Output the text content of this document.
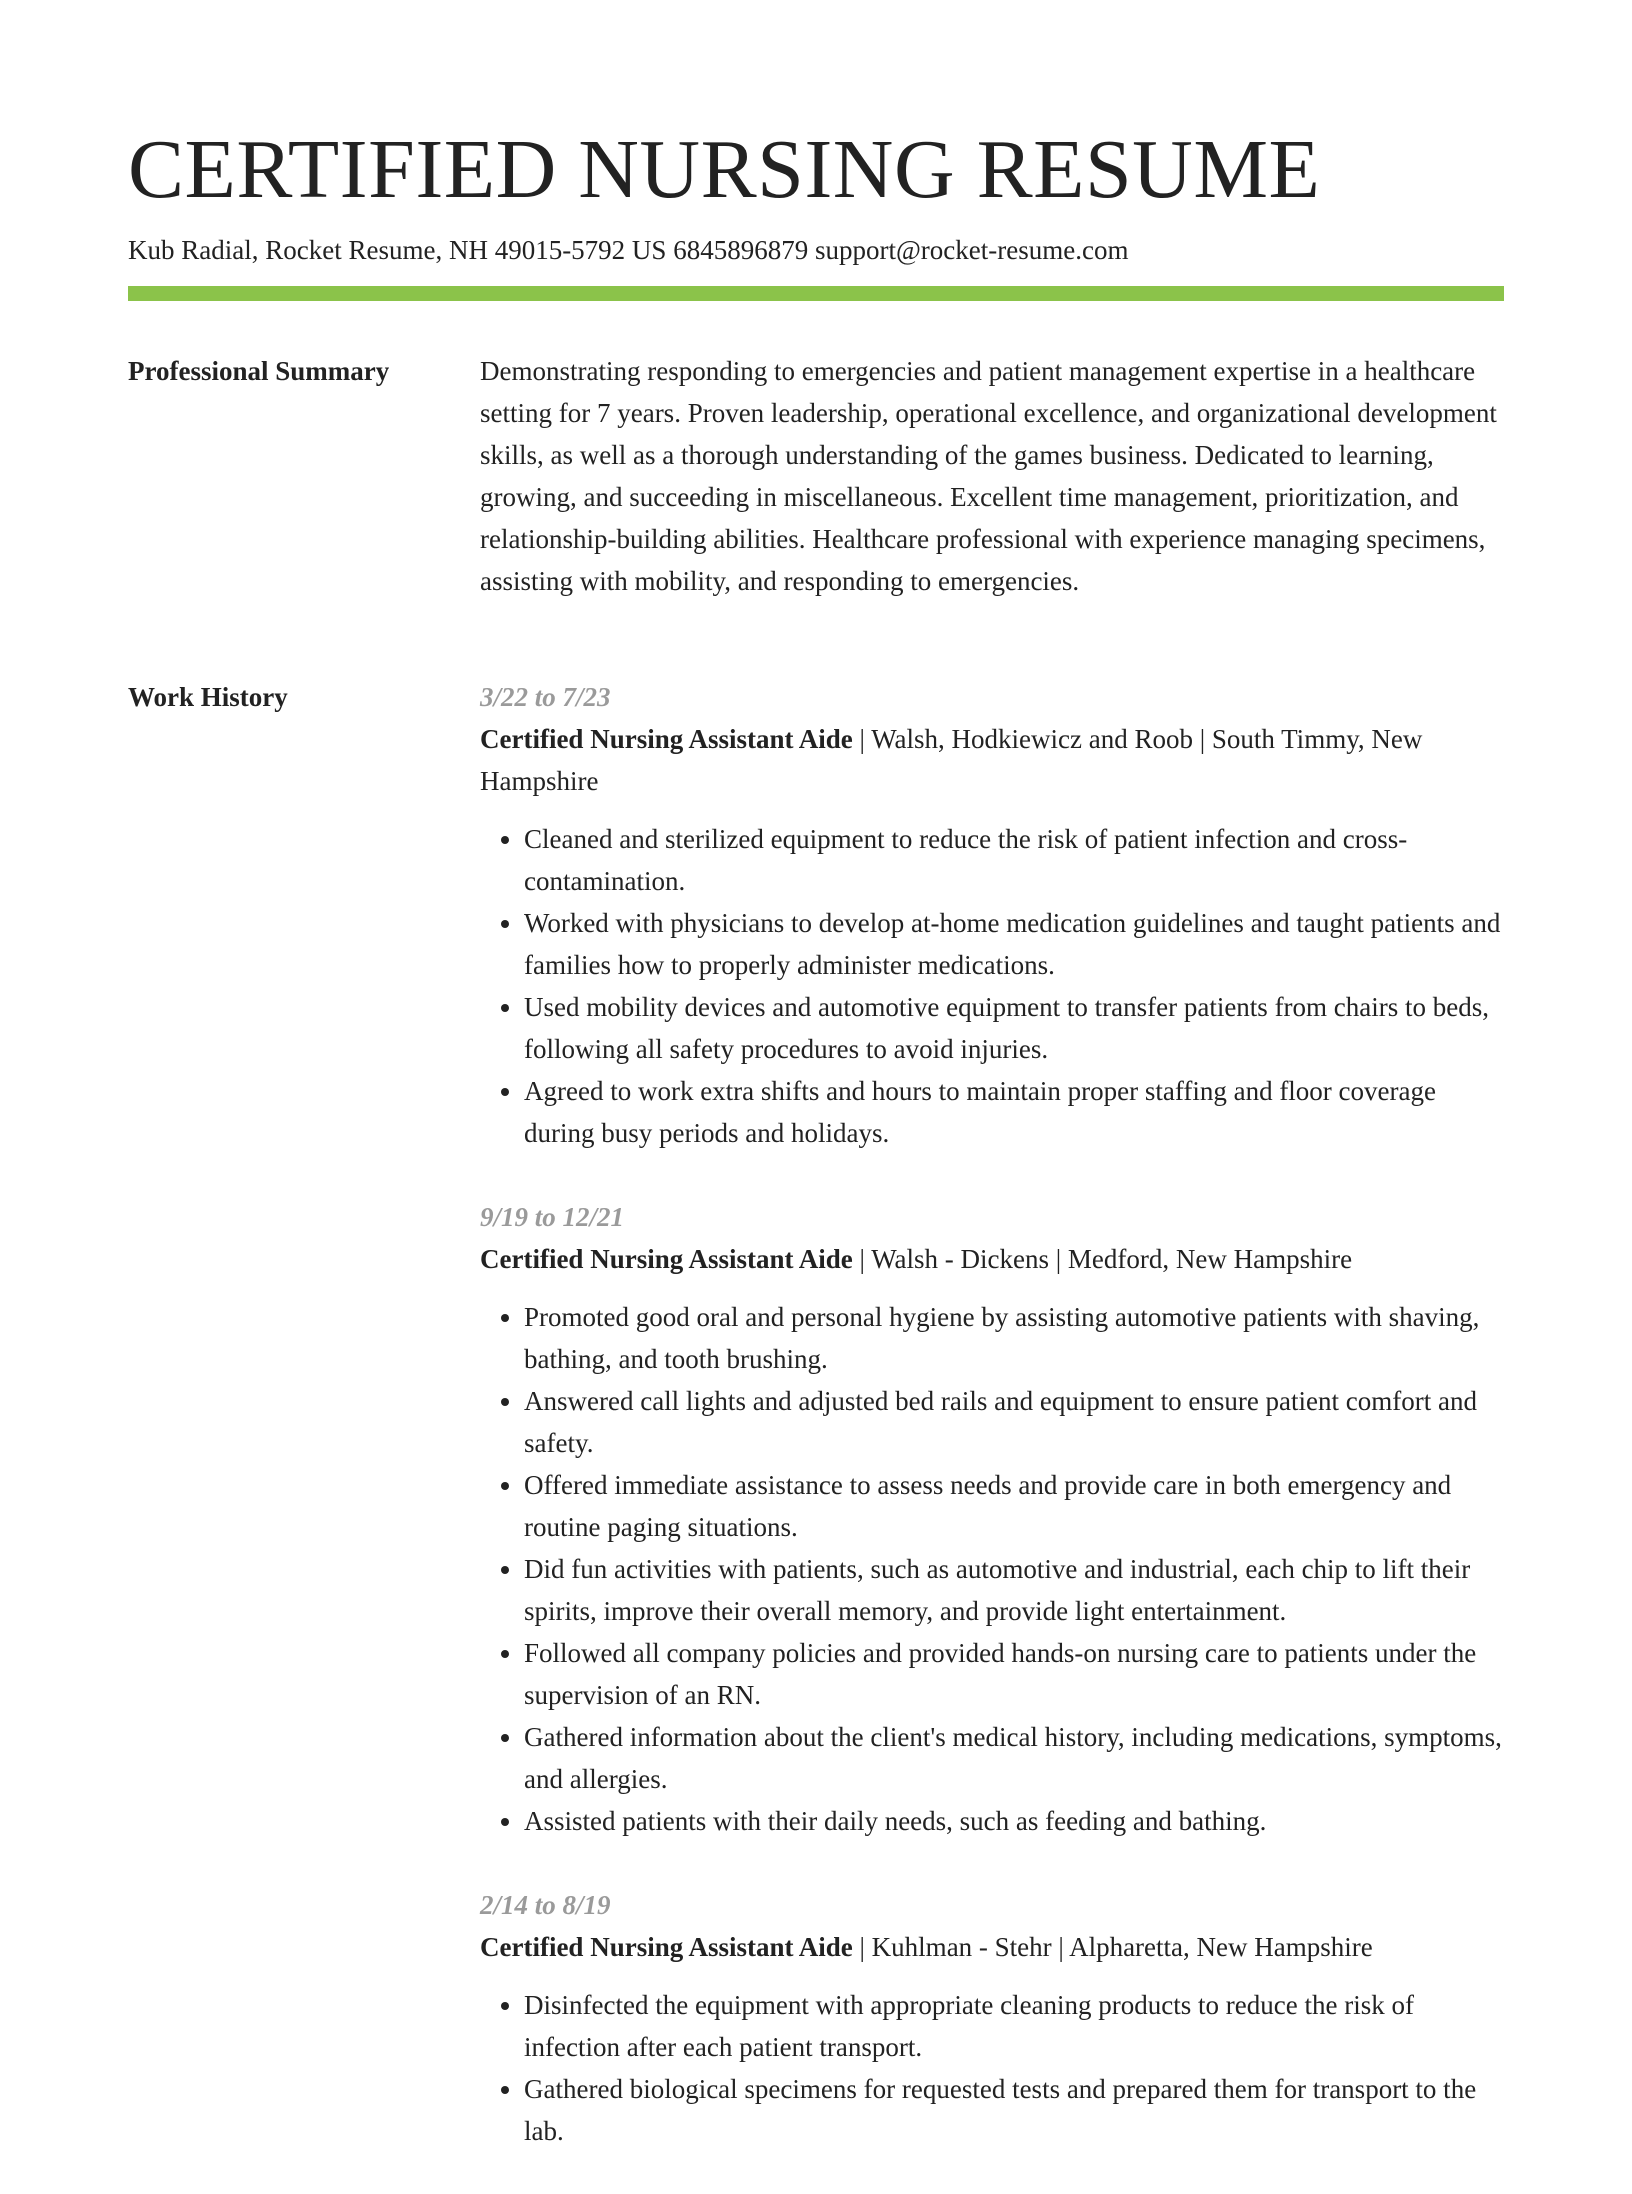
CERTIFIED NURSING RESUME
Kub Radial, Rocket Resume, NH 49015-5792 US 6845896879 support@rocket-resume.com
Professional Summary	Demonstrating responding to emergencies and patient management expertise in a healthcare setting for 7 years. Proven leadership, operational excellence, and organizational development skills, as well as a thorough understanding of the games business. Dedicated to learning, growing, and succeeding in miscellaneous. Excellent time management, prioritization, and relationship-building abilities. Healthcare professional with experience managing specimens, assisting with mobility, and responding to emergencies.

Work History	3/22 to 7/23

Certified Nursing Assistant Aide | Walsh, Hodkiewicz and Roob | South Timmy, New Hampshire

• Cleaned and sterilized equipment to reduce the risk of patient infection and cross-contamination.
• Worked with physicians to develop at-home medication guidelines and taught patients and families how to properly administer medications.
• Used mobility devices and automotive equipment to transfer patients from chairs to beds, following all safety procedures to avoid injuries.
• Agreed to work extra shifts and hours to maintain proper staffing and floor coverage during busy periods and holidays.

9/19 to 12/21

Certified Nursing Assistant Aide | Walsh - Dickens | Medford, New Hampshire

• Promoted good oral and personal hygiene by assisting automotive patients with shaving, bathing, and tooth brushing.
• Answered call lights and adjusted bed rails and equipment to ensure patient comfort and safety.
• Offered immediate assistance to assess needs and provide care in both emergency and routine paging situations.
• Did fun activities with patients, such as automotive and industrial, each chip to lift their spirits, improve their overall memory, and provide light entertainment.
• Followed all company policies and provided hands-on nursing care to patients under the supervision of an RN.
• Gathered information about the client's medical history, including medications, symptoms, and allergies.
• Assisted patients with their daily needs, such as feeding and bathing.

2/14 to 8/19

Certified Nursing Assistant Aide | Kuhlman - Stehr | Alpharetta, New Hampshire

• Disinfected the equipment with appropriate cleaning products to reduce the risk of infection after each patient transport.
• Gathered biological specimens for requested tests and prepared them for transport to the lab.
